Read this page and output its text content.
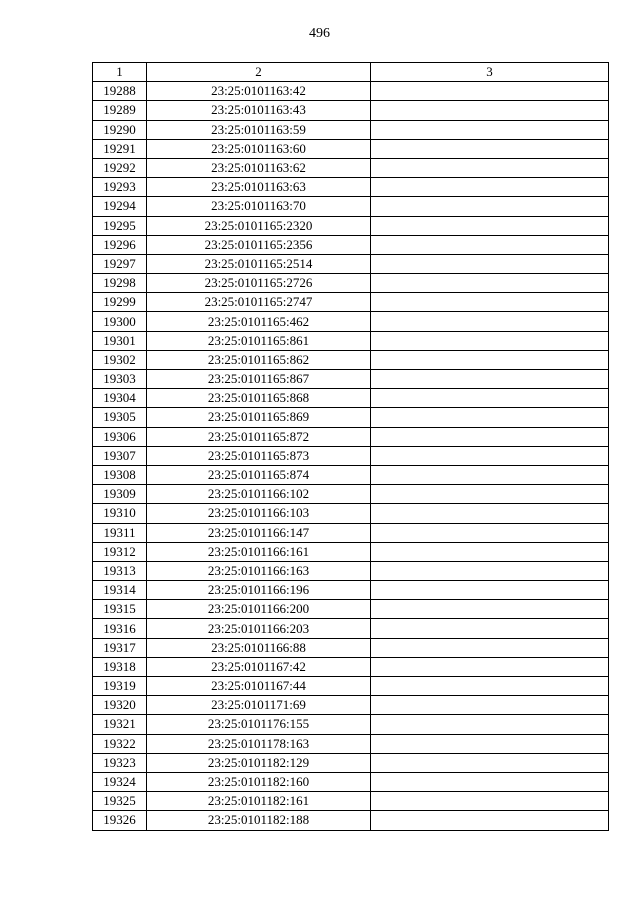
496
1	2	3
19288	23:25:0101163:42	
19289	23:25:0101163:43	
19290	23:25:0101163:59	
19291	23:25:0101163:60	
19292	23:25:0101163:62	
19293	23:25:0101163:63	
19294	23:25:0101163:70	
19295	23:25:0101165:2320	
19296	23:25:0101165:2356	
19297	23:25:0101165:2514	
19298	23:25:0101165:2726	
19299	23:25:0101165:2747	
19300	23:25:0101165:462	
19301	23:25:0101165:861	
19302	23:25:0101165:862	
19303	23:25:0101165:867	
19304	23:25:0101165:868	
19305	23:25:0101165:869	
19306	23:25:0101165:872	
19307	23:25:0101165:873	
19308	23:25:0101165:874	
19309	23:25:0101166:102	
19310	23:25:0101166:103	
19311	23:25:0101166:147	
19312	23:25:0101166:161	
19313	23:25:0101166:163	
19314	23:25:0101166:196	
19315	23:25:0101166:200	
19316	23:25:0101166:203	
19317	23:25:0101166:88	
19318	23:25:0101167:42	
19319	23:25:0101167:44	
19320	23:25:0101171:69	
19321	23:25:0101176:155	
19322	23:25:0101178:163	
19323	23:25:0101182:129	
19324	23:25:0101182:160	
19325	23:25:0101182:161	
19326	23:25:0101182:188	
